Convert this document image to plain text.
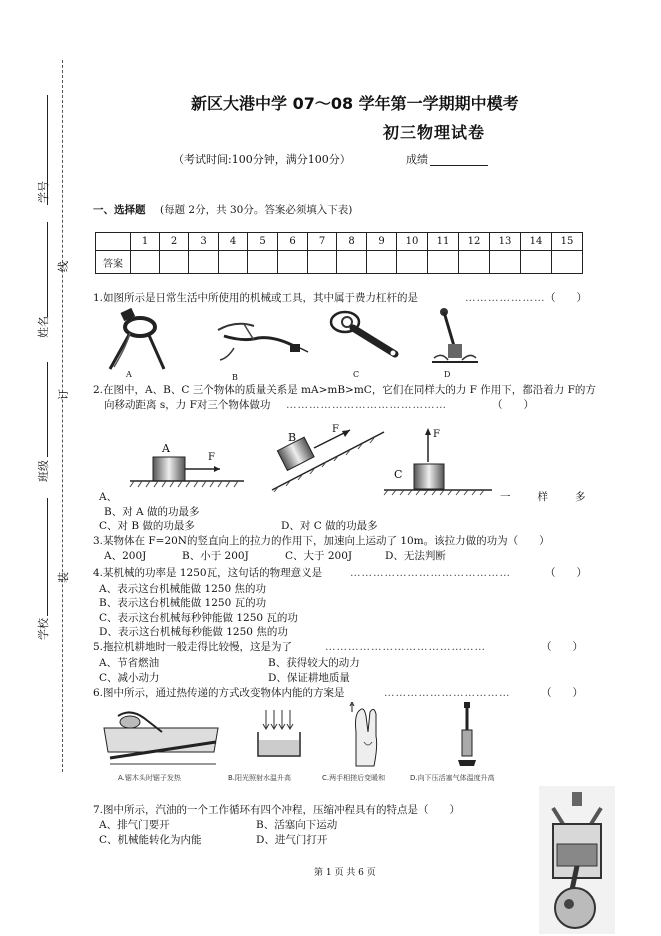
学号
线
姓名
订
班级
装
学校
新区大港中学 07～08 学年第一学期期中模考
初三物理试卷
（考试时间:100分钟，满分100分）	成绩
一、选择题 (每题 2分，共 30分。答案必须填入下表)
	1	2	3	4	5	6	7	8	9	10	11	12	13	14	15
答案															
1.如图所示是日常生活中所使用的机械或工具，其中属于费力杠杆的是	………………… （　　）
A	B	C	D
2.在图中，A、B、C 三个物体的质量关系是 mA>mB>mC，它们在同样大的力 F 作用下，都沿着力 F的方
向移动距离 s，力 F对三个物体做功 ……………………………………	（　　）
A
F
B
F	F
C
A、	一　　样　　多
B、对 A 做的功最多
C、对 B 做的功最多	D、对 C 做的功最多
3.某物体在 F=20N的竖直向上的拉力的作用下，加速向上运动了 10m。该拉力做的功为（　　）
A、200J	B、小于 200J	C、大于 200J	D、无法判断
4.某机械的功率是 1250瓦，这句话的物理意义是	……………………………………	（　　）
A、表示这台机械能做 1250 焦的功
B、表示这台机械能做 1250 瓦的功
C、表示这台机械每秒钟能做 1250 瓦的功
D、表示这台机械每秒能做 1250 焦的功
5.拖拉机耕地时一般走得比较慢，这是为了	……………………………………	（　　）
A、节省燃油	B、获得较大的动力
C、减小动力	D、保证耕地质量
6.图中所示，通过热传递的方式改变物体内能的方案是	……………………………	（　　）
A.锯木头时锯子发热	B.阳光照射水温升高	C.两手相搓后变暖和	D.向下压活塞气体温度升高
7.图中所示，汽油的一个工作循环有四个冲程，压缩冲程具有的特点是（　　）
A、排气门要开	B、活塞向下运动
C、机械能转化为内能	D、进气门打开
第 1 页 共 6 页
